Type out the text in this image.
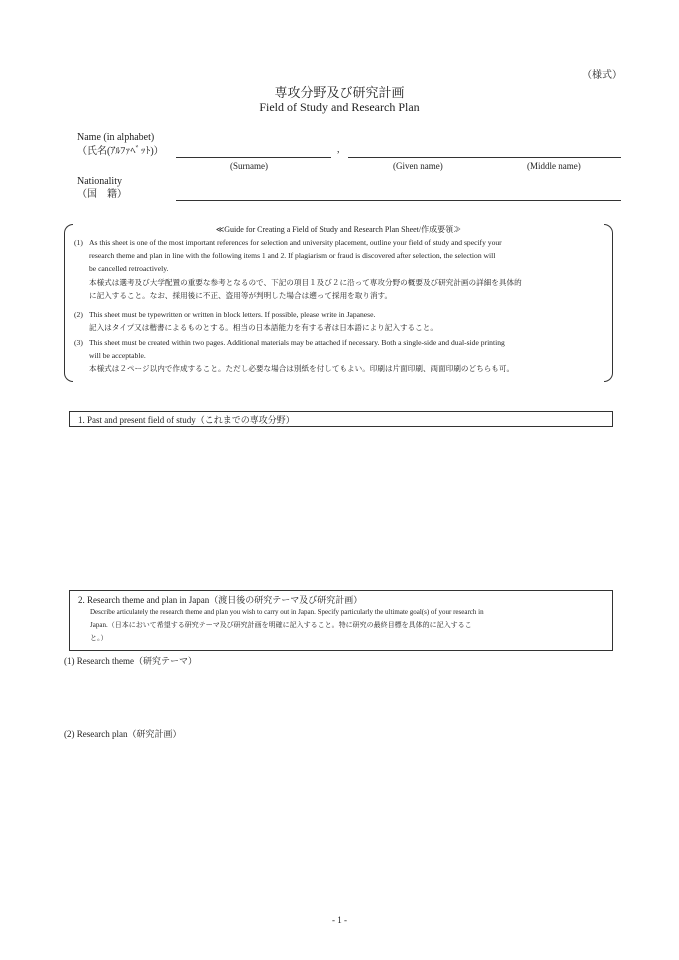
（様式）
専攻分野及び研究計画
Field of Study and Research Plan
Name (in alphabet)
（氏名(ｱﾙﾌｧﾍﾞｯﾄ)）	,
(Surname)	(Given name)	(Middle name)
Nationality
（国　籍）
≪Guide for Creating a Field of Study and Research Plan Sheet/作成要領≫
(1) As this sheet is one of the most important references for selection and university placement, outline your field of study and specify your
research theme and plan in line with the following items 1 and 2. If plagiarism or fraud is discovered after selection, the selection will
be cancelled retroactively.
本様式は選考及び大学配置の重要な参考となるので、下記の項目１及び２に沿って専攻分野の概要及び研究計画の詳細を具体的
に記入すること。なお、採用後に不正、盗用等が判明した場合は遡って採用を取り消す。
(2) This sheet must be typewritten or written in block letters. If possible, please write in Japanese.
記入はタイプ又は楷書によるものとする。相当の日本語能力を有する者は日本語により記入すること。
(3) This sheet must be created within two pages. Additional materials may be attached if necessary. Both a single-side and dual-side printing
will be acceptable.
本様式は２ページ以内で作成すること。ただし必要な場合は別紙を付してもよい。印刷は片面印刷、両面印刷のどちらも可。
1. Past and present field of study（これまでの専攻分野）
2. Research theme and plan in Japan（渡日後の研究テーマ及び研究計画）
Describe articulately the research theme and plan you wish to carry out in Japan. Specify particularly the ultimate goal(s) of your research in
Japan.（日本において希望する研究テーマ及び研究計画を明確に記入すること。特に研究の最終目標を具体的に記入するこ
と。）
(1) Research theme（研究テーマ）
(2) Research plan（研究計画）
- 1 -
